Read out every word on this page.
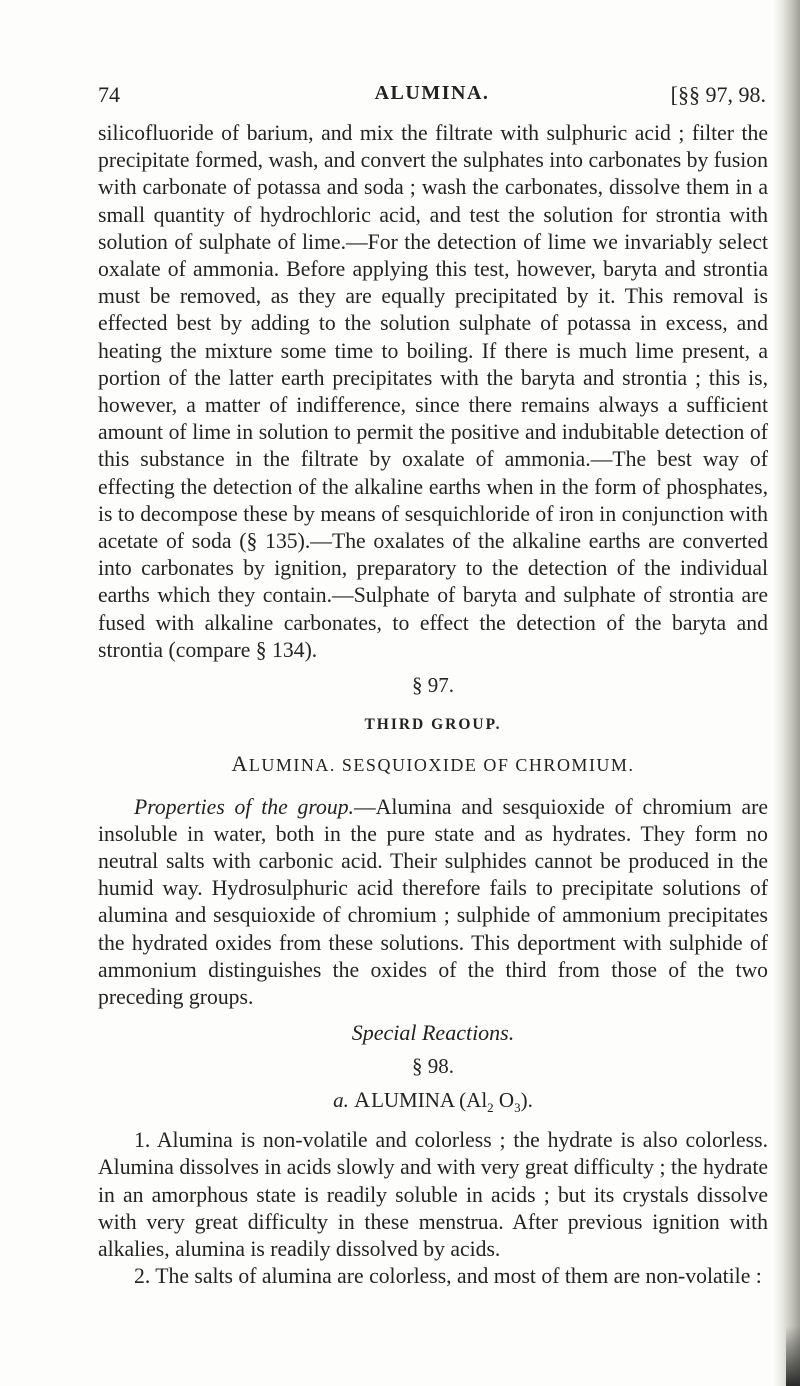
74	ALUMINA.	[§§ 97, 98.

silicofluoride of barium, and mix the filtrate with sulphuric acid ; filter the precipitate formed, wash, and convert the sulphates into carbonates by fusion with carbonate of potassa and soda ; wash the carbonates, dissolve them in a small quantity of hydrochloric acid, and test the solution for strontia with solution of sulphate of lime.—For the detection of lime we invariably select oxalate of ammonia. Before applying this test, however, baryta and strontia must be removed, as they are equally precipitated by it. This removal is effected best by adding to the solution sulphate of potassa in excess, and heating the mixture some time to boiling. If there is much lime present, a portion of the latter earth precipitates with the baryta and strontia ; this is, however, a matter of indifference, since there remains always a sufficient amount of lime in solution to permit the positive and indubitable detection of this substance in the filtrate by oxalate of ammonia.—The best way of effecting the detection of the alkaline earths when in the form of phosphates, is to decompose these by means of sesquichloride of iron in conjunction with acetate of soda (§ 135).—The oxalates of the alkaline earths are converted into carbonates by ignition, preparatory to the detection of the individual earths which they contain.—Sulphate of baryta and sulphate of strontia are fused with alkaline carbonates, to effect the detection of the baryta and strontia (compare § 134).

§ 97.
THIRD GROUP.
ALUMINA. SESQUIOXIDE OF CHROMIUM.

Properties of the group.—Alumina and sesquioxide of chromium are insoluble in water, both in the pure state and as hydrates. They form no neutral salts with carbonic acid. Their sulphides cannot be produced in the humid way. Hydrosulphuric acid therefore fails to precipitate solutions of alumina and sesquioxide of chromium ; sulphide of ammonium precipitates the hydrated oxides from these solutions. This deportment with sulphide of ammonium distinguishes the oxides of the third from those of the two preceding groups.

Special Reactions.
§ 98.
a. ALUMINA ($Al_2$ $O_3$).

1. Alumina is non-volatile and colorless ; the hydrate is also colorless. Alumina dissolves in acids slowly and with very great difficulty ; the hydrate in an amorphous state is readily soluble in acids ; but its crystals dissolve with very great difficulty in these menstrua. After previous ignition with alkalies, alumina is readily dissolved by acids.

2. The salts of alumina are colorless, and most of them are non-volatile :
